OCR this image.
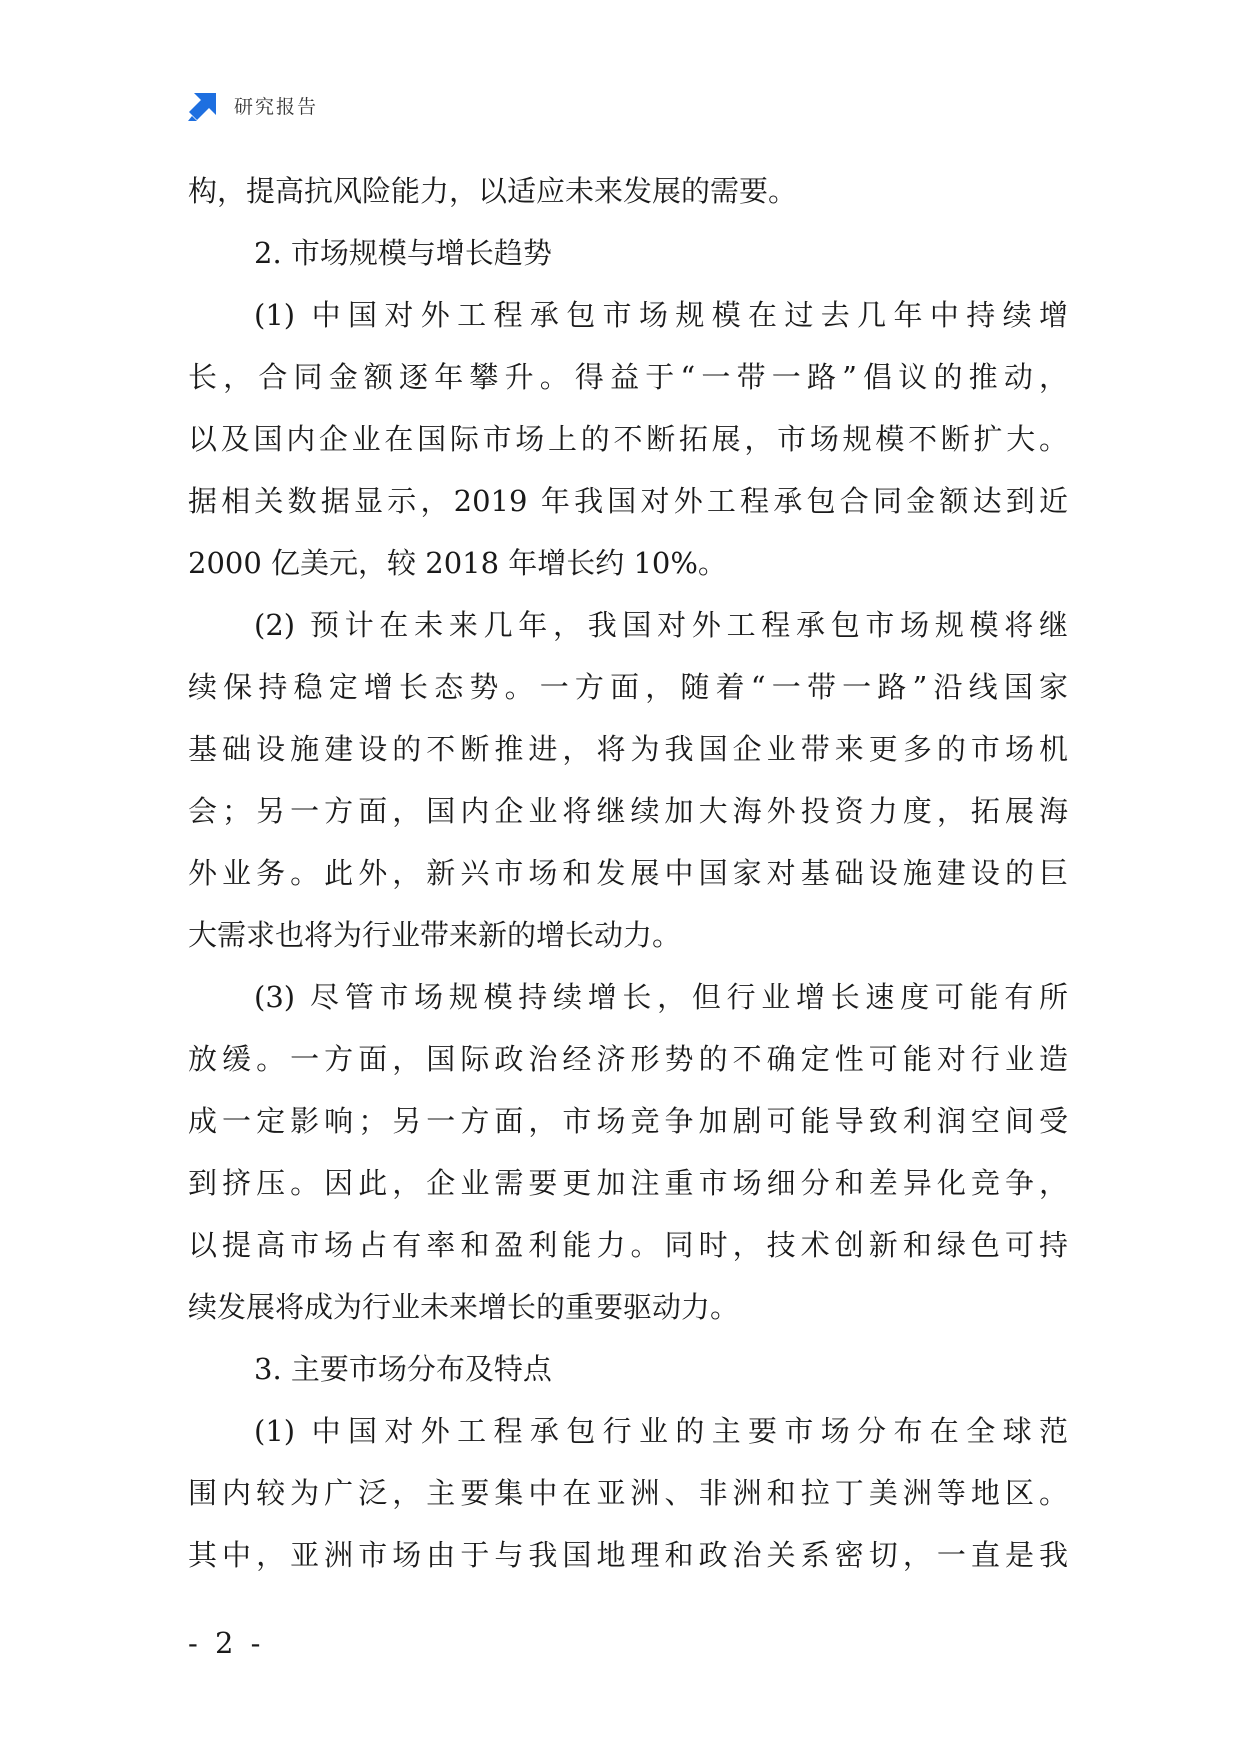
研究报告
构，提高抗风险能力，以适应未来发展的需要。
2. 市场规模与增长趋势
(1) 中国对外工程承包市场规模在过去几年中持续增
长，合同金额逐年攀升。得益于“一带一路”倡议的推动，
以及国内企业在国际市场上的不断拓展，市场规模不断扩大。
据相关数据显示，2019 年我国对外工程承包合同金额达到近
2000 亿美元，较 2018 年增长约 10%。
(2) 预计在未来几年，我国对外工程承包市场规模将继
续保持稳定增长态势。一方面，随着“一带一路”沿线国家
基础设施建设的不断推进，将为我国企业带来更多的市场机
会；另一方面，国内企业将继续加大海外投资力度，拓展海
外业务。此外，新兴市场和发展中国家对基础设施建设的巨
大需求也将为行业带来新的增长动力。
(3) 尽管市场规模持续增长，但行业增长速度可能有所
放缓。一方面，国际政治经济形势的不确定性可能对行业造
成一定影响；另一方面，市场竞争加剧可能导致利润空间受
到挤压。因此，企业需要更加注重市场细分和差异化竞争，
以提高市场占有率和盈利能力。同时，技术创新和绿色可持
续发展将成为行业未来增长的重要驱动力。
3. 主要市场分布及特点
(1) 中国对外工程承包行业的主要市场分布在全球范
围内较为广泛，主要集中在亚洲、非洲和拉丁美洲等地区。
其中，亚洲市场由于与我国地理和政治关系密切，一直是我
- 2 -
